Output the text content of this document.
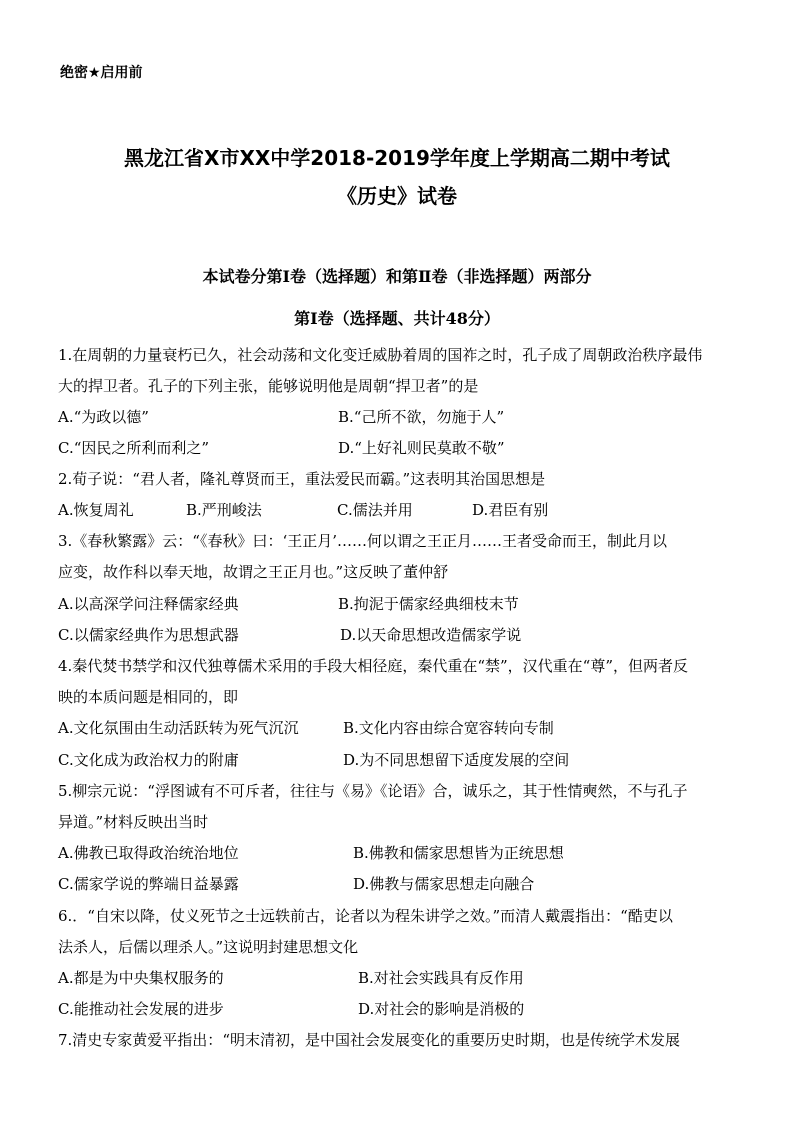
绝密★启用前
黑龙江省X市XX中学2018-2019学年度上学期高二期中考试
《历史》试卷
本试卷分第Ⅰ卷（选择题）和第Ⅱ卷（非选择题）两部分
第Ⅰ卷（选择题、共计48分）
1.在周朝的力量衰朽已久，社会动荡和文化变迁威胁着周的国祚之时，孔子成了周朝政治秩序最伟
大的捍卫者。孔子的下列主张，能够说明他是周朝“捍卫者”的是
A.“为政以德”	B.“己所不欲，勿施于人”
C.“因民之所利而利之”	D.“上好礼则民莫敢不敬”
2.荀子说：“君人者，隆礼尊贤而王，重法爱民而霸。”这表明其治国思想是
A.恢复周礼	B.严刑峻法	C.儒法并用	D.君臣有别
3.《春秋繁露》云：“《春秋》曰：‘王正月’……何以谓之王正月……王者受命而王，制此月以
应变，故作科以奉天地，故谓之王正月也。”这反映了董仲舒
A.以高深学问注释儒家经典	B.拘泥于儒家经典细枝末节
C.以儒家经典作为思想武器	D.以天命思想改造儒家学说
4.秦代焚书禁学和汉代独尊儒术采用的手段大相径庭，秦代重在“禁”，汉代重在“尊”，但两者反
映的本质问题是相同的，即
A.文化氛围由生动活跃转为死气沉沉	B.文化内容由综合宽容转向专制
C.文化成为政治权力的附庸	D.为不同思想留下适度发展的空间
5.柳宗元说：“浮图诚有不可斥者，往往与《易》《论语》合，诚乐之，其于性情奭然，不与孔子
异道。”材料反映出当时
A.佛教已取得政治统治地位	B.佛教和儒家思想皆为正统思想
C.儒家学说的弊端日益暴露	D.佛教与儒家思想走向融合
6.．“自宋以降，仗义死节之士远轶前古，论者以为程朱讲学之效。”而清人戴震指出：“酷吏以
法杀人，后儒以理杀人。”这说明封建思想文化
A.都是为中央集权服务的	B.对社会实践具有反作用
C.能推动社会发展的进步	D.对社会的影响是消极的
7.清史专家黄爱平指出：“明末清初，是中国社会发展变化的重要历史时期，也是传统学术发展
